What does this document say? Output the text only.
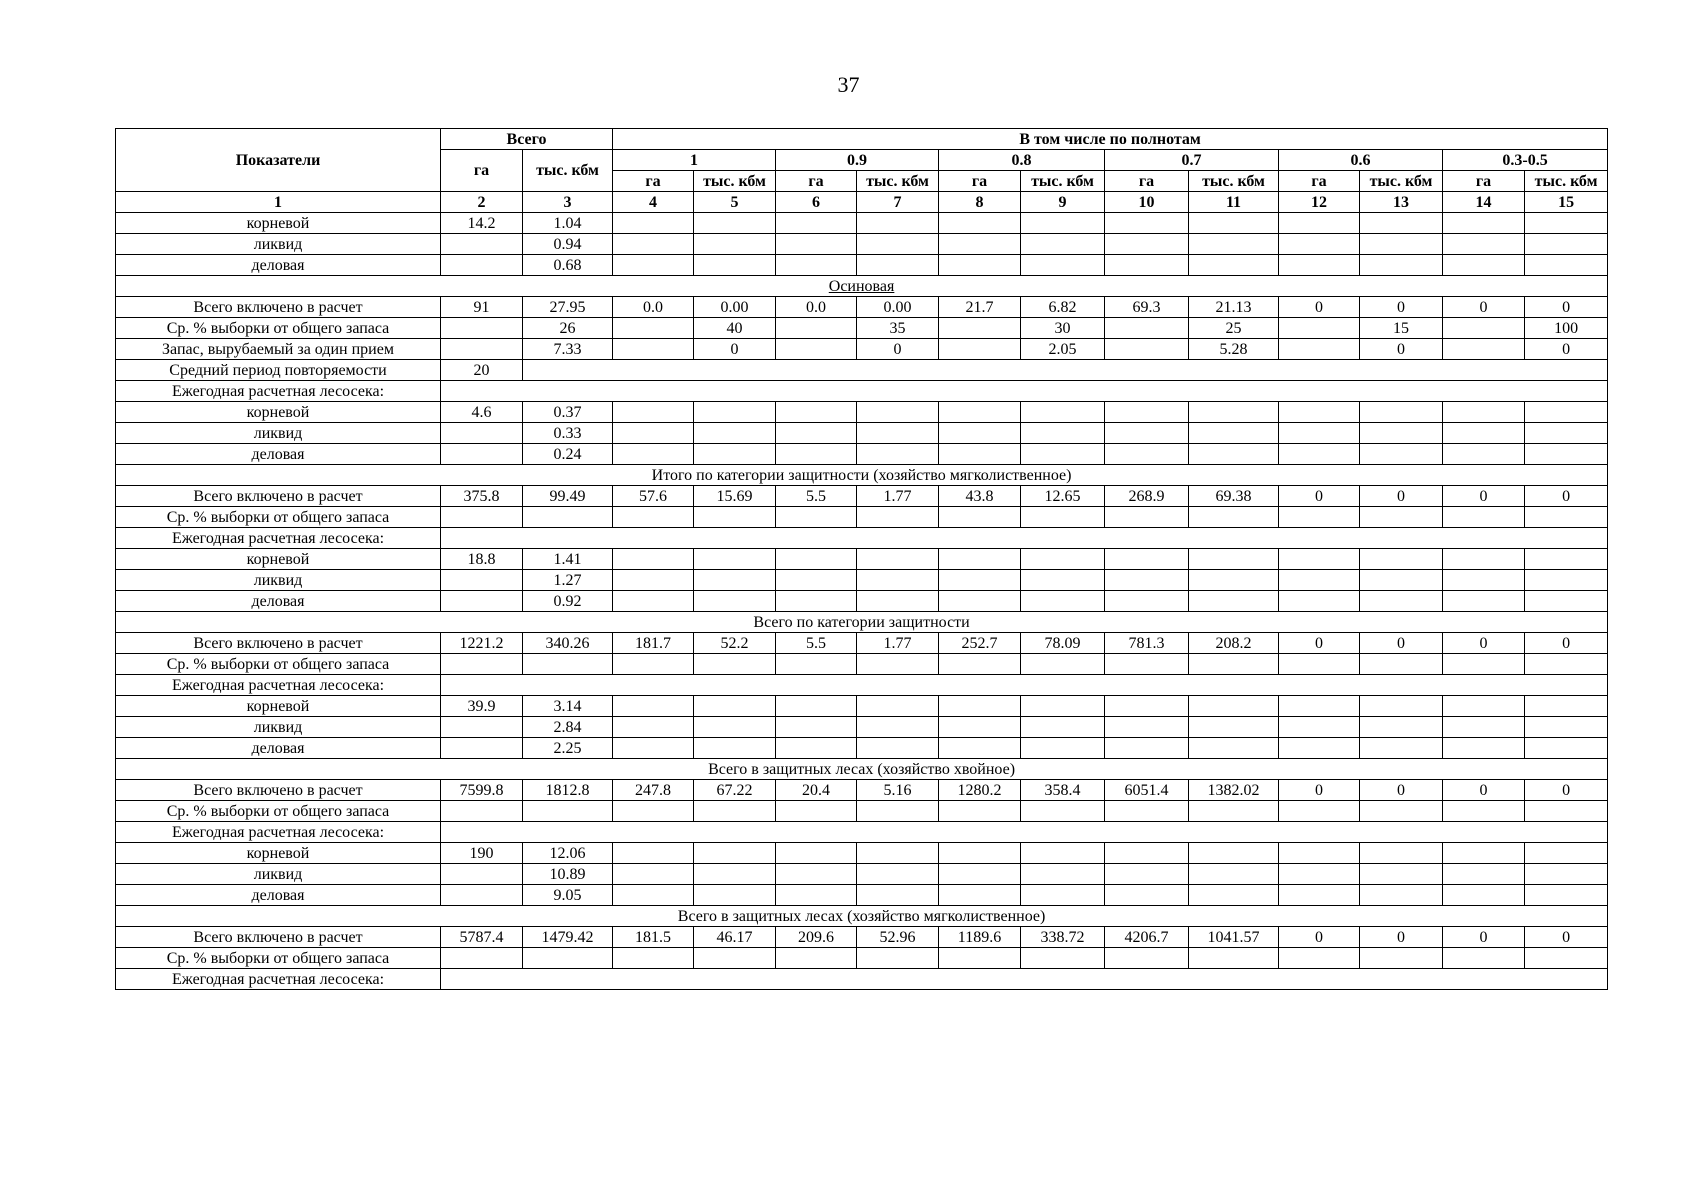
37
Показатели	Всего		В том числе по полнотам											
	га	тыс. кбм	1		0.9		0.8		0.7		0.6		0.3-0.5	
			га	тыс. кбм	га	тыс. кбм	га	тыс. кбм	га	тыс. кбм	га	тыс. кбм	га	тыс. кбм
1	2	3	4	5	6	7	8	9	10	11	12	13	14	15
корневой	14.2	1.04												
ликвид		0.94												
деловая		0.68												
Осиновая														
Всего включено в расчет	91	27.95	0.0	0.00	0.0	0.00	21.7	6.82	69.3	21.13	0	0	0	0
Ср. % выборки от общего запаса		26		40		35		30		25		15		100
Запас, вырубаемый за один прием		7.33		0		0		2.05		5.28		0		0
Средний период повторяемости	20													
Ежегодная расчетная лесосека:														
корневой	4.6	0.37												
ликвид		0.33												
деловая		0.24												
Итого по категории защитности (хозяйство мягколиственное)														
Всего включено в расчет	375.8	99.49	57.6	15.69	5.5	1.77	43.8	12.65	268.9	69.38	0	0	0	0
Ср. % выборки от общего запаса														
Ежегодная расчетная лесосека:														
корневой	18.8	1.41												
ликвид		1.27												
деловая		0.92												
Всего по категории защитности														
Всего включено в расчет	1221.2	340.26	181.7	52.2	5.5	1.77	252.7	78.09	781.3	208.2	0	0	0	0
Ср. % выборки от общего запаса														
Ежегодная расчетная лесосека:														
корневой	39.9	3.14												
ликвид		2.84												
деловая		2.25												
Всего в защитных лесах (хозяйство хвойное)														
Всего включено в расчет	7599.8	1812.8	247.8	67.22	20.4	5.16	1280.2	358.4	6051.4	1382.02	0	0	0	0
Ср. % выборки от общего запаса														
Ежегодная расчетная лесосека:														
корневой	190	12.06												
ликвид		10.89												
деловая		9.05												
Всего в защитных лесах (хозяйство мягколиственное)														
Всего включено в расчет	5787.4	1479.42	181.5	46.17	209.6	52.96	1189.6	338.72	4206.7	1041.57	0	0	0	0
Ср. % выборки от общего запаса														
Ежегодная расчетная лесосека:														
